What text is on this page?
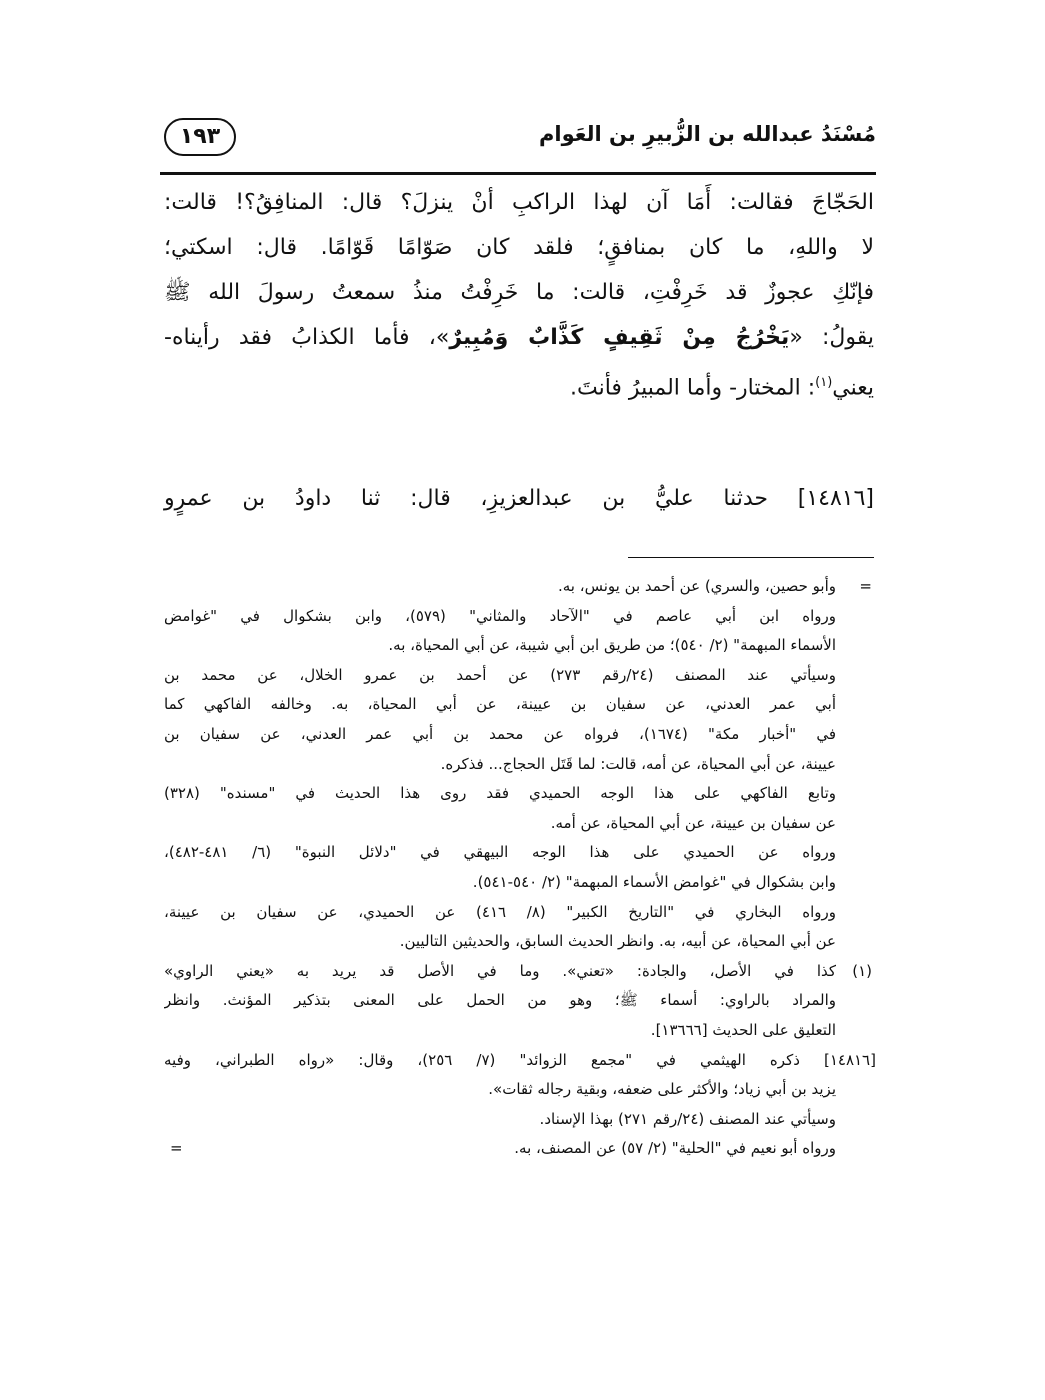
مُسْنَدُ عبدالله بن الزُّبيرِ بن العَوام
١٩٣
الحَجّاجَ فقالت: أَمَا آن لهذا الراكبِ أنْ ينزلَ؟ قال: المنافِقُ؟! قالت:
لا واللهِ، ما كان بمنافقٍ؛ فلقد كان صَوّامًا قَوّامًا. قال: اسكتي؛
فإنّكِ عجوزٌ قد خَرِفْتِ، قالت: ما خَرِفْتُ منذُ سمعتُ رسولَ الله ﷺ
يقولُ: «يَخْرُجُ مِنْ ثَقِيفٍ كَذَّابٌ وَمُبِيرٌ»، فأما الكذابُ فقد رأيناه-
يعني$^{(١)}$: المختار- وأما المبيرُ فأنتَ.
[١٤٨١٦] حدثنا عليُّ بن عبدالعزيزِ، قال: ثنا داودُ بن عمرٍو
=
وأبو حصين، والسري) عن أحمد بن يونس، به.
ورواه ابن أبي عاصم في "الآحاد والمثاني" (٥٧٩)، وابن بشكوال في "غوامض
الأسماء المبهمة" (٢/ ٥٤٠)؛ من طريق ابن أبي شيبة، عن أبي المحياة، به.
وسيأتي عند المصنف (٢٤/رقم ٢٧٣) عن أحمد بن عمرو الخلال، عن محمد بن
أبي عمر العدني، عن سفيان بن عيينة، عن أبي المحياة، به. وخالفه الفاكهي كما
في "أخبار مكة" (١٦٧٤)، فرواه عن محمد بن أبي عمر العدني، عن سفيان بن
عيينة، عن أبي المحياة، عن أمه، قالت: لما قَتَل الحجاج... فذكره.
وتابع الفاكهي على هذا الوجه الحميدي فقد روى هذا الحديث في "مسنده" (٣٢٨)
عن سفيان بن عيينة، عن أبي المحياة، عن أمه.
ورواه عن الحميدي على هذا الوجه البيهقي في "دلائل النبوة" (٦/ ٤٨١-٤٨٢)،
وابن بشكوال في "غوامض الأسماء المبهمة" (٢/ ٥٤٠-٥٤١).
ورواه البخاري في "التاريخ الكبير" (٨/ ٤١٦) عن الحميدي، عن سفيان بن عيينة،
عن أبي المحياة، عن أبيه، به. وانظر الحديث السابق، والحديثين التاليين.
(١)
كذا في الأصل، والجادة: «تعني». وما في الأصل قد يريد به «يعني الراوي»
والمراد بالراوي: أسماء ﷺ؛ وهو من الحمل على المعنى بتذكير المؤنث. وانظر
التعليق على الحديث [١٣٦٦٦].
[١٤٨١٦] ذكره الهيثمي في "مجمع الزوائد" (٧/ ٢٥٦)، وقال: «رواه الطبراني، وفيه
يزيد بن أبي زياد؛ والأكثر على ضعفه، وبقية رجاله ثقات».
وسيأتي عند المصنف (٢٤/رقم ٢٧١) بهذا الإسناد.
=	ورواه أبو نعيم في "الحلية" (٢/ ٥٧) عن المصنف، به.
